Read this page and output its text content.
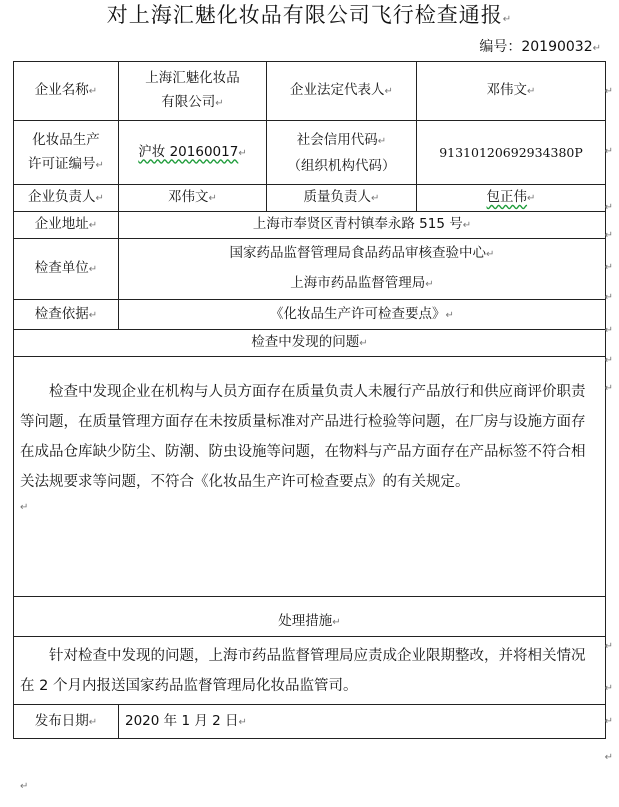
对上海汇魅化妆品有限公司飞行检查通报↵
编号：20190032↵
企业名称↵	上海汇魅化妆品
有限公司↵	企业法定代表人↵	邓伟文↵
化妆品生产
许可证编号↵	沪妆 20160017↵	社会信用代码↵
（组织机构代码）	91310120692934380P
企业负责人↵	邓伟文↵	质量负责人↵	包正伟↵
企业地址↵	上海市奉贤区青村镇奉永路 515 号↵		
检查单位↵	国家药品监督管理局食品药品审核查验中心↵
上海市药品监督管理局↵		
检查依据↵	《化妆品生产许可检查要点》↵		
检查中发现的问题↵			

检查中发现企业在机构与人员方面存在质量负责人未履行产品放行和供应商评价职责等问题，在质量管理方面存在未按质量标准对产品进行检验等问题，在厂房与设施方面存在成品仓库缺少防尘、防潮、防虫设施等问题，在物料与产品方面存在产品标签不符合相关法规要求等问题，不符合《化妆品生产许可检查要点》的有关规定。
↵			

处理措施↵			

针对检查中发现的问题，上海市药品监督管理局应责成企业限期整改，并将相关情况在 2 个月内报送国家药品监督管理局化妆品监管司。			

发布日期↵	2020 年 1 月 2 日↵		
↵
↵
↵
↵
↵
↵
↵
↵
↵
↵
↵
↵
↵
↵
